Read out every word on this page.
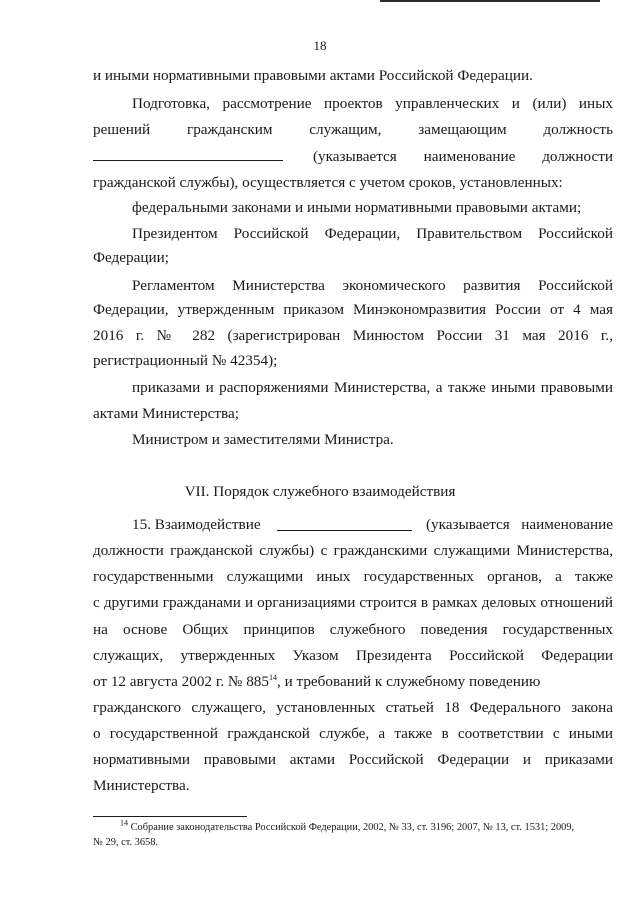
18
и иными нормативными правовыми актами Российской Федерации.
Подготовка, рассмотрение проектов управленческих и (или) иных
решений гражданским служащим, замещающим должность
(указывается наименование должности
гражданской службы), осуществляется с учетом сроков, установленных:
федеральными законами и иными нормативными правовыми актами;
Президентом Российской Федерации, Правительством Российской
Федерации;
Регламентом Министерства экономического развития Российской
Федерации, утвержденным приказом Минэкономразвития России от 4 мая
2016 г. № 282 (зарегистрирован Минюстом России 31 мая 2016 г.,
регистрационный № 42354);
приказами и распоряжениями Министерства, а также иными правовыми
актами Министерства;
Министром и заместителями Министра.
VII. Порядок служебного взаимодействия
15. Взаимодействие	(указывается наименование
должности гражданской службы) с гражданскими служащими Министерства,
государственными служащими иных государственных органов, а также
с другими гражданами и организациями строится в рамках деловых отношений
на основе Общих принципов служебного поведения государственных
служащих, утвержденных Указом Президента Российской Федерации
от 12 августа 2002 г. № $885^{14}$, и требований к служебному поведению
гражданского служащего, установленных статьей 18 Федерального закона
о государственной гражданской службе, а также в соответствии с иными
нормативными правовыми актами Российской Федерации и приказами
Министерства.
$^{14}$ Собрание законодательства Российской Федерации, 2002, № 33, ст. 3196; 2007, № 13, ст. 1531; 2009,
№ 29, ст. 3658.
